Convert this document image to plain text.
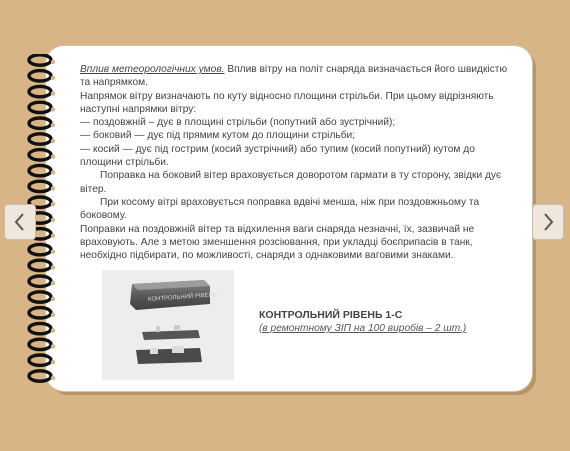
Вплив метеорологічних умов. Вплив вітру на політ снаряда визначається його швидкістю та напрямком.

Напрямок вітру визначають по куту відносно площини стрільби. При цьому відрізняють наступні напрямки вітру:

— поздовжній – дує в площині стрільби (попутний або зустрічний);

— боковий — дує під прямим кутом до площини стрільби;

— косий — дує під гострим (косий зустрічний) або тупим (косий попутний) кутом до площини стрільби.

Поправка на боковий вітер враховується доворотом гармати в ту сторону, звідки дує вітер.

При косому вітрі враховується поправка вдвічі менша, ніж при поздовжньому та боковому.

Поправки на поздовжній вітер та відхилення ваги снаряда незначні, їх, зазвичай не враховують. Але з метою зменшення розсіювання, при укладці боєприпасів в танк, необхідно підбирати, по можливості, снаряди з однаковими ваговими знаками.

КОНТРОЛЬНИЙ РІВЕНЬ
КОНТРОЛЬНИЙ РІВЕНЬ 1-С
(в ремонтному ЗІП на 100 виробів – 2 шт.)
